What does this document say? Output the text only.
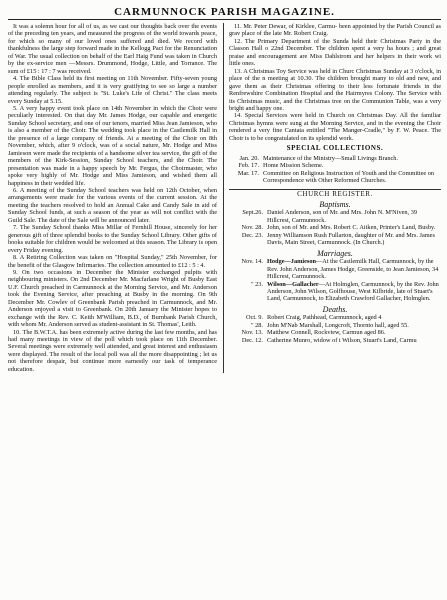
CARMUNNOCK PARISH MAGAZINE.

It was a solemn hour for all of us, as we cast our thoughts back over the events of the preceding ten years, and measured the progress of the world towards peace, for which so many of our loved ones suffered and died. We record with thankfulness the large step forward made in the Kellogg Pact for the Renunciation of War. The usual collection on behalf of the Earl Haig Fund was taken in Church by the ex-service men —Messrs. Drummond, Hodge, Little, and Torrance. The sum of £15 : 17 : 7 was received.

4. The Bible Class held its first meeting on 11th November. Fifty-seven young people enrolled as members, and it is very gratifying to see so large a number attending regularly. The subject is "St. Luke's Life of Christ." The class meets every Sunday at 5.15.

5. A very happy event took place on 14th November in which the Choir were peculiarly interested. On that day Mr. James Hodge, our capable and energetic Sunday School secretary, and one of our tenors, married Miss Jean Jamieson, who is also a member of the Choir. The wedding took place in the Castlemilk Hall in the presence of a large company of friends. At a meeting of the Choir on 8th November, which, after 9 o'clock, was of a social nature, Mr. Hodge and Miss Jamieson were made the recipients of a handsome silver tea service, the gift of the members of the Kirk-Session, Sunday School teachers, and the Choir. The presentation was made in a happy speech by Mr. Fergus, the Choirmaster, who spoke very highly of Mr. Hodge and Miss Jamieson, and wished them all happiness in their wedded life.

6. A meeting of the Sunday School teachers was held on 12th October, when arrangements were made for the various events of the current session. At the meeting the teachers resolved to hold an Annual Cake and Candy Sale in aid of Sunday School funds, at such a season of the year as will not conflict with the Guild Sale. The date of the Sale will be announced later.

7. The Sunday School thanks Miss Millar of Fernhill House, sincerely for her generous gift of three splendid books to the Sunday School Library. Other gifts of books suitable for children would be welcomed at this season. The Library is open every Friday evening.

8. A Retiring Collection was taken on "Hospital Sunday," 25th November, for the benefit of the Glasgow Infirmaries. The collection amounted to £12 : 5 : 4.

9. On two occasions in December the Minister exchanged pulpits with neighbouring ministers. On 2nd December Mr. Macfarlane Wright of Busby East U.F. Church preached in Carmunnock at the Morning Service, and Mr. Anderson took the Evening Service, after preaching at Busby in the morning. On 9th December Mr. Cowlev of Greenbank Parish preached in Carmunnock, and Mr. Anderson enjoyed a visit to Greenbank. On 20th January the Minister hopes to exchange with the Rev. C. Keith M'William, B.D., of Burnbank Parish Church, with whom Mr. Anderson served as student-assistant in St. Thomas', Leith.

10. The B.W.T.A. has been extremely active during the last few months, and has had many meetings in view of the poll which took place on 11th December. Several meetings were extremely well attended, and great interest and enthusiasm were displayed. The result of the local poll was all the more disappointing ; let us not therefore despair, but continue more earnestly our task of temperance education.

11. Mr. Peter Dewar, of Kirklee, Carmu- been appointed by the Parish Council as grav place of the late Mr. Robert Craig.

12. The Primary Department of the Sunda held their Christmas Party in the Classon Hall o 22nd December. The children spent a very ha hours ; and great praise and encouragement are Miss Dahlstrom and her helpers in their work wi little ones.

13. A Christmas Toy Service was held in Churc Christmas Sunday at 3 o'clock, in place of the n meeting at 10.30. The children brought many to old and new, and gave them as their Christmas offering to their less fortunate friends in the Renfrewshire Combination Hospital and the Hairmyres Colony. The Service with its Christmas music, and the Christmas tree on the Communion Table, was a very bright and happy one.

14. Special Services were held in Church on Christmas Day. All the familiar Christmas hymns were sung at the Morning Service, and in the evening the Choir rendered a very fine Cantata entitled "The Manger-Cradle," by F. W. Peace. The Choir is to be congratulated on its splendid work.

SPECIAL COLLECTIONS.
Jan. 20. Maintenance of the Ministry—Small Livings Branch.
Feb. 17. Home Mission Scheme.
Mar. 17. Committee on Religious Instruction of Youth and the Committee on Correspondence with Other Reformed Churches.
CHURCH REGISTER.
Baptisms.
Sept.26. Daniel Anderson, son of Mr. and Mrs. John N. M'Niven, 39 Hillcrest, Carmunnock.
Nov. 28. John, son of Mr. and Mrs. Robert C. Aitken, Printer's Land, Busby.
Dec. 23. Jenny Williamson Rush Fullarton, daughter of Mr. and Mrs. James Davis, Main Street, Carmunnock. (In Church.)
Marriages.
Nov. 14. Hodge—Jamieson—At the Castlemilk Hall, Carmunnock, by the Rev. John Anderson, James Hodge, Greenside, to Jean Jamieson, 34 Hillcrest, Carmunnock.
" 23. Wilson—Gallacher—At Holmglen, Carmunnock, by the Rev. John Anderson, John Wilson, Golfhouse, West Kilbride, late of Stuart's Land, Carmunnock, to Elizabeth Crawford Gallacher, Holmglen.
Deaths.
Oct. 9. Robert Craig, Pathhead, Carmunnock, aged 4
" 28. John M'Nab Marshall, Longcroft, Thornto hall, aged 55.
Nov. 13. Matthew Connell, Rockview, Carmun aged 86.
Dec. 12. Catherine Munro, widow of t Wilson, Stuart's Land, Carmu
